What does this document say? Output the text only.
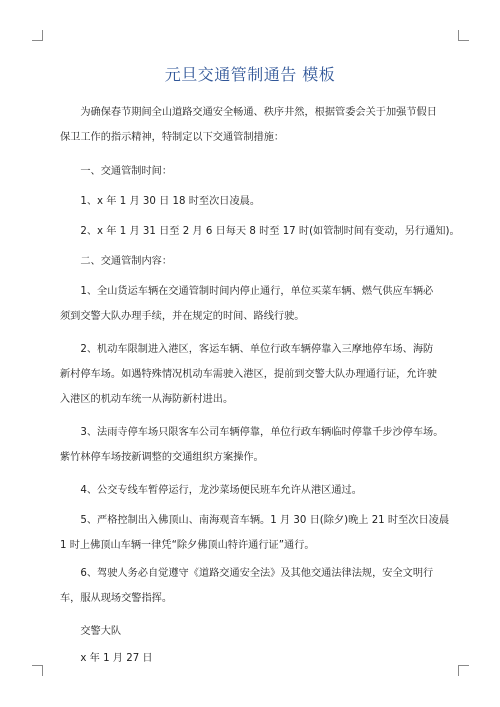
元旦交通管制通告 模板

　　为确保春节期间全山道路交通安全畅通、秩序井然，根据管委会关于加强节假日
保卫工作的指示精神，特制定以下交通管制措施：

　　一、交通管制时间：

　　1、x 年 1 月 30 日 18 时至次日凌晨。

　　2、x 年 1 月 31 日至 2 月 6 日每天 8 时至 17 时(如管制时间有变动，另行通知)。

　　二、交通管制内容：

　　1、全山货运车辆在交通管制时间内停止通行，单位买菜车辆、燃气供应车辆必
须到交警大队办理手续，并在规定的时间、路线行驶。

　　2、机动车限制进入港区，客运车辆、单位行政车辆停靠入三摩地停车场、海防
新村停车场。如遇特殊情况机动车需驶入港区，提前到交警大队办理通行证，允许驶
入港区的机动车统一从海防新村进出。

　　3、法雨寺停车场只限客车公司车辆停靠，单位行政车辆临时停靠千步沙停车场。
紫竹林停车场按新调整的交通组织方案操作。

　　4、公交专线车暂停运行，龙沙菜场便民班车允许从港区通过。

　　5、严格控制出入佛顶山、南海观音车辆。1 月 30 日(除夕)晚上 21 时至次日凌晨
1 时上佛顶山车辆一律凭“除夕佛顶山特许通行证”通行。

　　6、驾驶人务必自觉遵守《道路交通安全法》及其他交通法律法规，安全文明行
车，服从现场交警指挥。

　　交警大队

　　x 年 1 月 27 日
